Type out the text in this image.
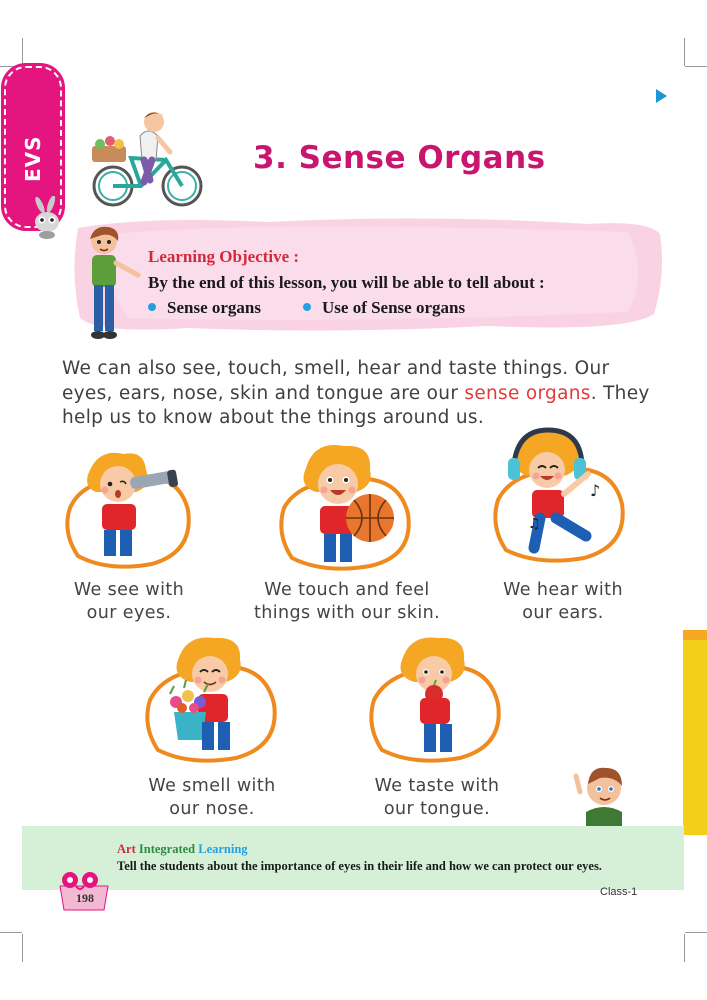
EVS	3. Sense Organs
Learning Objective :
By the end of this lesson, you will be able to tell about :
Sense organs	Use of Sense organs

We can also see, touch, smell, hear and taste things. Our eyes, ears, nose, skin and tongue are our sense organs. They help us to know about the things around us.

We see with
our eyes.
We touch and feel
things with our skin.
♪
♫
We hear with
our ears.
We smell with
our nose.
We taste with
our tongue.
Art Integrated Learning
Tell the students about the importance of eyes in their life and how we can protect our eyes.
198	Class-1
